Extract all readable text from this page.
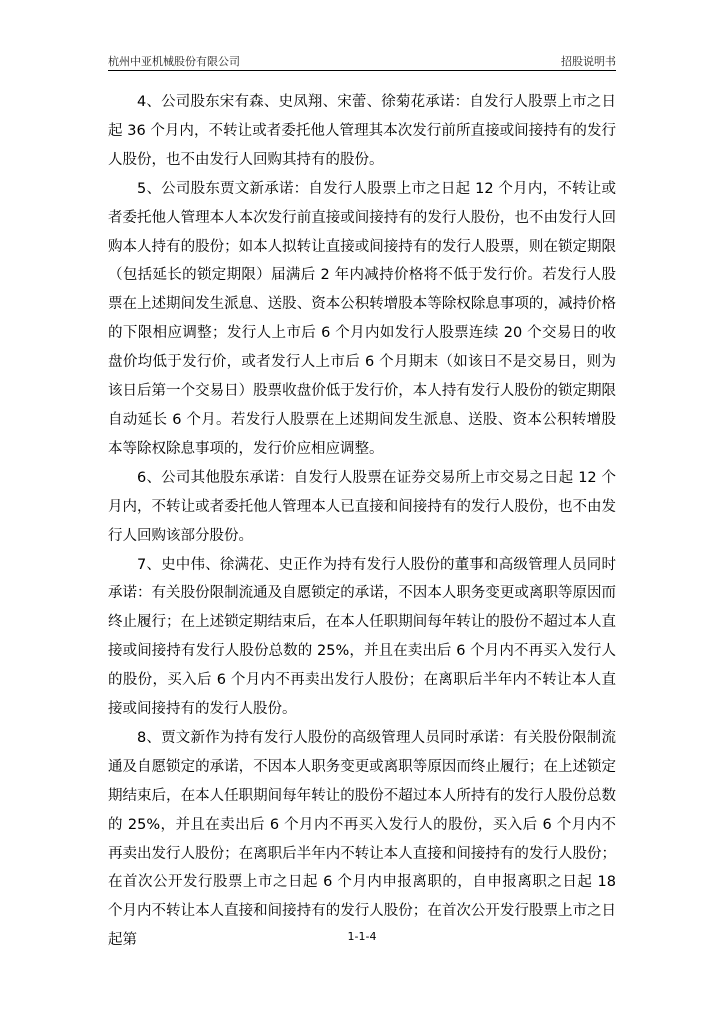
杭州中亚机械股份有限公司	招股说明书

4、公司股东宋有森、史凤翔、宋蕾、徐菊花承诺：自发行人股票上市之日起 36 个月内，不转让或者委托他人管理其本次发行前所直接或间接持有的发行人股份，也不由发行人回购其持有的股份。

5、公司股东贾文新承诺：自发行人股票上市之日起 12 个月内，不转让或者委托他人管理本人本次发行前直接或间接持有的发行人股份，也不由发行人回购本人持有的股份；如本人拟转让直接或间接持有的发行人股票，则在锁定期限（包括延长的锁定期限）届满后 2 年内减持价格将不低于发行价。若发行人股票在上述期间发生派息、送股、资本公积转增股本等除权除息事项的，减持价格的下限相应调整；发行人上市后 6 个月内如发行人股票连续 20 个交易日的收盘价均低于发行价，或者发行人上市后 6 个月期末（如该日不是交易日，则为该日后第一个交易日）股票收盘价低于发行价，本人持有发行人股份的锁定期限自动延长 6 个月。若发行人股票在上述期间发生派息、送股、资本公积转增股本等除权除息事项的，发行价应相应调整。

6、公司其他股东承诺：自发行人股票在证券交易所上市交易之日起 12 个月内，不转让或者委托他人管理本人已直接和间接持有的发行人股份，也不由发行人回购该部分股份。

7、史中伟、徐满花、史正作为持有发行人股份的董事和高级管理人员同时承诺：有关股份限制流通及自愿锁定的承诺，不因本人职务变更或离职等原因而终止履行；在上述锁定期结束后，在本人任职期间每年转让的股份不超过本人直接或间接持有发行人股份总数的 25%，并且在卖出后 6 个月内不再买入发行人的股份，买入后 6 个月内不再卖出发行人股份；在离职后半年内不转让本人直接或间接持有的发行人股份。

8、贾文新作为持有发行人股份的高级管理人员同时承诺：有关股份限制流通及自愿锁定的承诺，不因本人职务变更或离职等原因而终止履行；在上述锁定期结束后，在本人任职期间每年转让的股份不超过本人所持有的发行人股份总数的 25%，并且在卖出后 6 个月内不再买入发行人的股份，买入后 6 个月内不再卖出发行人股份；在离职后半年内不转让本人直接和间接持有的发行人股份；在首次公开发行股票上市之日起 6 个月内申报离职的，自申报离职之日起 18 个月内不转让本人直接和间接持有的发行人股份；在首次公开发行股票上市之日起第	1-1-4
